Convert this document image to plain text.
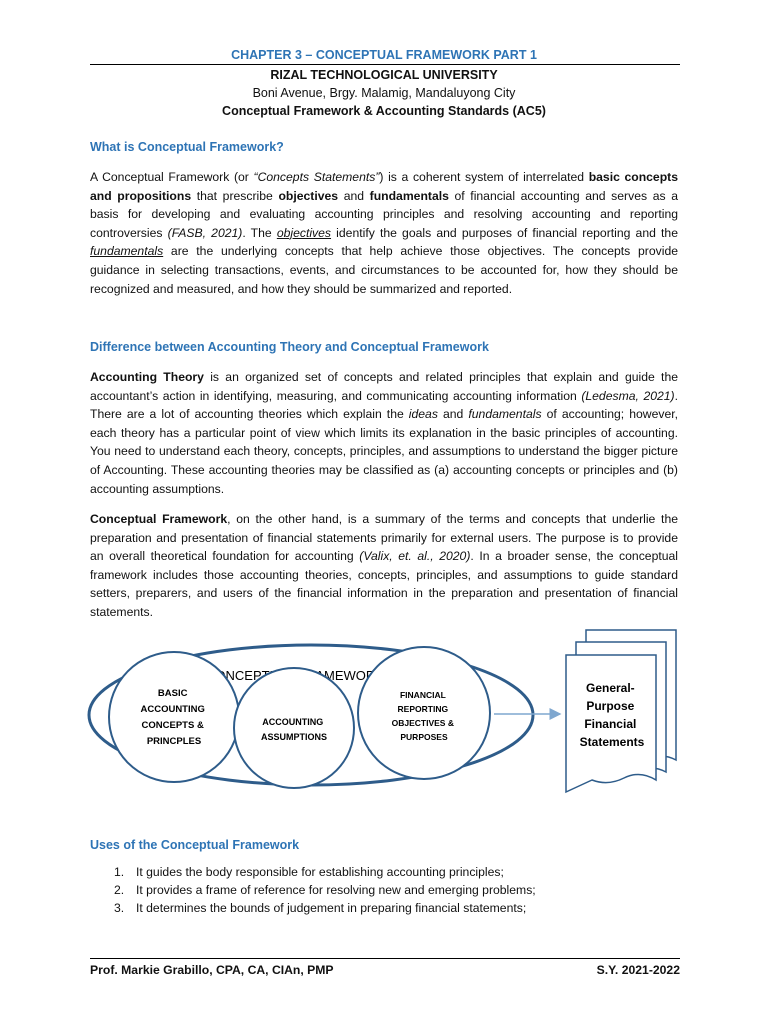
CHAPTER 3 – CONCEPTUAL FRAMEWORK PART 1
RIZAL TECHNOLOGICAL UNIVERSITY
Boni Avenue, Brgy. Malamig, Mandaluyong City
Conceptual Framework & Accounting Standards (AC5)
What is Conceptual Framework?

A Conceptual Framework (or “Concepts Statements”) is a coherent system of interrelated basic concepts and propositions that prescribe objectives and fundamentals of financial accounting and serves as a basis for developing and evaluating accounting principles and resolving accounting and reporting controversies (FASB, 2021). The objectives identify the goals and purposes of financial reporting and the fundamentals are the underlying concepts that help achieve those objectives. The concepts provide guidance in selecting transactions, events, and circumstances to be accounted for, how they should be recognized and measured, and how they should be summarized and reported.

Difference between Accounting Theory and Conceptual Framework

Accounting Theory is an organized set of concepts and related principles that explain and guide the accountant’s action in identifying, measuring, and communicating accounting information (Ledesma, 2021). There are a lot of accounting theories which explain the ideas and fundamentals of accounting; however, each theory has a particular point of view which limits its explanation in the basic principles of accounting. You need to understand each theory, concepts, principles, and assumptions to understand the bigger picture of Accounting. These accounting theories may be classified as (a) accounting concepts or principles and (b) accounting assumptions.

Conceptual Framework, on the other hand, is a summary of the terms and concepts that underlie the preparation and presentation of financial statements primarily for external users. The purpose is to provide an overall theoretical foundation for accounting (Valix, et. al., 2020). In a broader sense, the conceptual framework includes those accounting theories, concepts, principles, and assumptions to guide standard setters, preparers, and users of the financial information in the preparation and presentation of financial statements.

CONCEPTUAL FRAMEWORK
BASIC ACCOUNTING CONCEPTS & PRINCPLES
ACCOUNTING ASSUMPTIONS
FINANCIAL REPORTING OBJECTIVES & PURPOSES
General- Purpose Financial Statements
Uses of the Conceptual Framework
1. It guides the body responsible for establishing accounting principles;
2. It provides a frame of reference for resolving new and emerging problems;
3. It determines the bounds of judgement in preparing financial statements;
Prof. Markie Grabillo, CPA, CA, CIAn, PMP	S.Y. 2021-2022
